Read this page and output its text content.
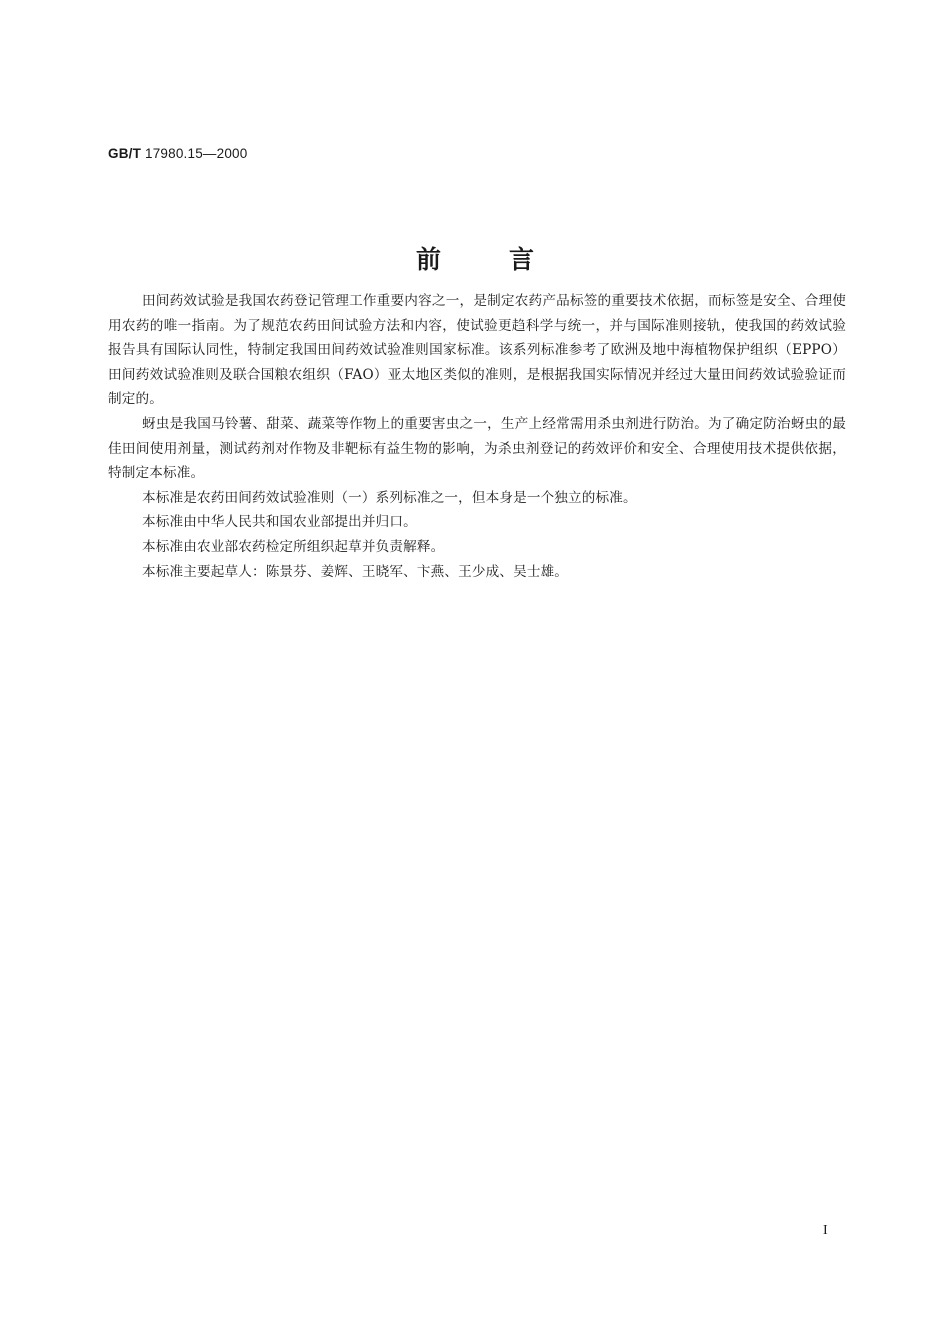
GB/T 17980.15—2000
前言

田间药效试验是我国农药登记管理工作重要内容之一，是制定农药产品标签的重要技术依据，而标签是安全、合理使用农药的唯一指南。为了规范农药田间试验方法和内容，使试验更趋科学与统一，并与国际准则接轨，使我国的药效试验报告具有国际认同性，特制定我国田间药效试验准则国家标准。该系列标准参考了欧洲及地中海植物保护组织（EPPO）田间药效试验准则及联合国粮农组织（FAO）亚太地区类似的准则，是根据我国实际情况并经过大量田间药效试验验证而制定的。

蚜虫是我国马铃薯、甜菜、蔬菜等作物上的重要害虫之一，生产上经常需用杀虫剂进行防治。为了确定防治蚜虫的最佳田间使用剂量，测试药剂对作物及非靶标有益生物的影响，为杀虫剂登记的药效评价和安全、合理使用技术提供依据，特制定本标准。

本标准是农药田间药效试验准则（一）系列标准之一，但本身是一个独立的标准。

本标准由中华人民共和国农业部提出并归口。

本标准由农业部农药检定所组织起草并负责解释。

本标准主要起草人：陈景芬、姜辉、王晓军、卞燕、王少成、吴士雄。

I
